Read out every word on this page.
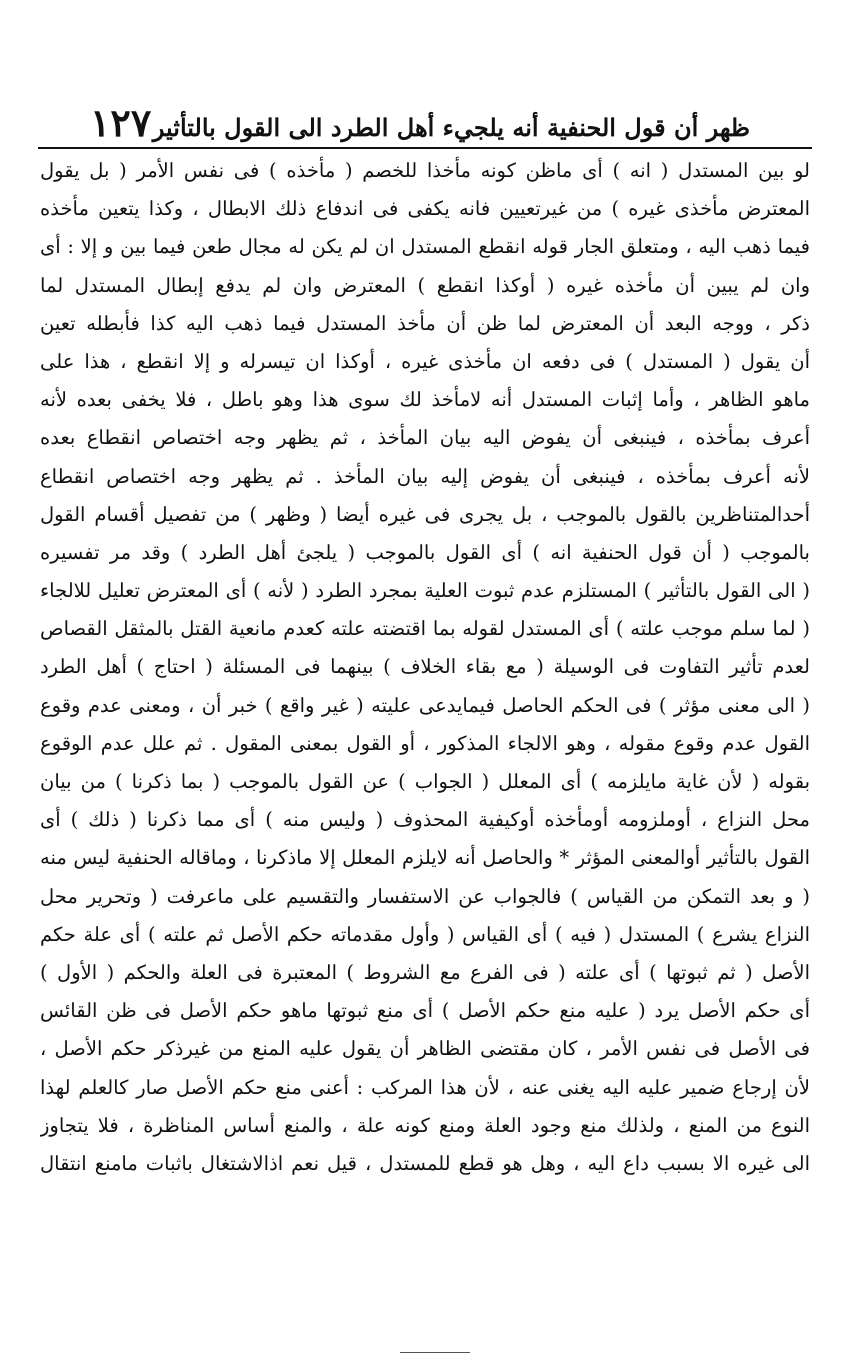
ظهر أن قول الحنفية أنه يلجيء أهل الطرد الى القول بالتأثير
١٢٧
لو بين المستدل ( انه ) أى ماظن كونه مأخذا للخصم ( مأخذه ) فى نفس الأمر ( بل يقول
المعترض مأخذى غيره ) من غيرتعيين فانه يكفى فى اندفاع ذلك الابطال ، وكذا يتعين مأخذه
فيما ذهب اليه ، ومتعلق الجار قوله انقطع المستدل ان لم يكن له مجال طعن فيما بين و إلا : أى
وان لم يبين أن مأخذه غيره ( أوكذا انقطع ) المعترض وان لم يدفع إبطال المستدل لما
ذكر ، ووجه البعد أن المعترض لما ظن أن مأخذ المستدل فيما ذهب اليه كذا فأبطله تعين
أن يقول ( المستدل ) فى دفعه ان مأخذى غيره ، أوكذا ان تيسرله و إلا انقطع ، هذا على
ماهو الظاهر ، وأما إثبات المستدل أنه لامأخذ لك سوى هذا وهو باطل ، فلا يخفى بعده لأنه
أعرف بمأخذه ، فينبغى أن يفوض اليه بيان المأخذ ، ثم يظهر وجه اختصاص انقطاع بعده
لأنه أعرف بمأخذه ، فينبغى أن يفوض إليه بيان المأخذ . ثم يظهر وجه اختصاص انقطاع
أحدالمتناظرين بالقول بالموجب ، بل يجرى فى غيره أيضا ( وظهر ) من تفصيل أقسام القول
بالموجب ( أن قول الحنفية انه ) أى القول بالموجب ( يلجئ أهل الطرد ) وقد مر تفسيره
( الى القول بالتأثير ) المستلزم عدم ثبوت العلية بمجرد الطرد ( لأنه ) أى المعترض تعليل للالجاء
( لما سلم موجب علته ) أى المستدل لقوله بما اقتضته علته كعدم مانعية القتل بالمثقل القصاص
لعدم تأثير التفاوت فى الوسيلة ( مع بقاء الخلاف ) بينهما فى المسئلة ( احتاج ) أهل الطرد
( الى معنى مؤثر ) فى الحكم الحاصل فيمايدعى عليته ( غير واقع ) خبر أن ، ومعنى عدم وقوع
القول عدم وقوع مقوله ، وهو الالجاء المذكور ، أو القول بمعنى المقول . ثم علل عدم الوقوع
بقوله ( لأن غاية مايلزمه ) أى المعلل ( الجواب ) عن القول بالموجب ( بما ذكرنا ) من بيان
محل النزاع ، أوملزومه أومأخذه أوكيفية المحذوف ( وليس منه ) أى مما ذكرنا ( ذلك ) أى
القول بالتأثير أوالمعنى المؤثر * والحاصل أنه لايلزم المعلل إلا ماذكرنا ، وماقاله الحنفية ليس منه
( و بعد التمكن من القياس ) فالجواب عن الاستفسار والتقسيم على ماعرفت ( وتحرير محل
النزاع يشرع ) المستدل ( فيه ) أى القياس ( وأول مقدماته حكم الأصل ثم علته ) أى علة حكم
الأصل ( ثم ثبوتها ) أى علته ( فى الفرع مع الشروط ) المعتبرة فى العلة والحكم ( الأول )
أى حكم الأصل يرد ( عليه منع حكم الأصل ) أى منع ثبوتها ماهو حكم الأصل فى ظن القائس
فى الأصل فى نفس الأمر ، كان مقتضى الظاهر أن يقول عليه المنع من غيرذكر حكم الأصل ،
لأن إرجاع ضمير عليه اليه يغنى عنه ، لأن هذا المركب : أعنى منع حكم الأصل صار كالعلم لهذا
النوع من المنع ، ولذلك منع وجود العلة ومنع كونه علة ، والمنع أساس المناظرة ، فلا يتجاوز
الى غيره الا بسبب داع اليه ، وهل هو قطع للمستدل ، قيل نعم اذالاشتغال باثبات مامنع انتقال
